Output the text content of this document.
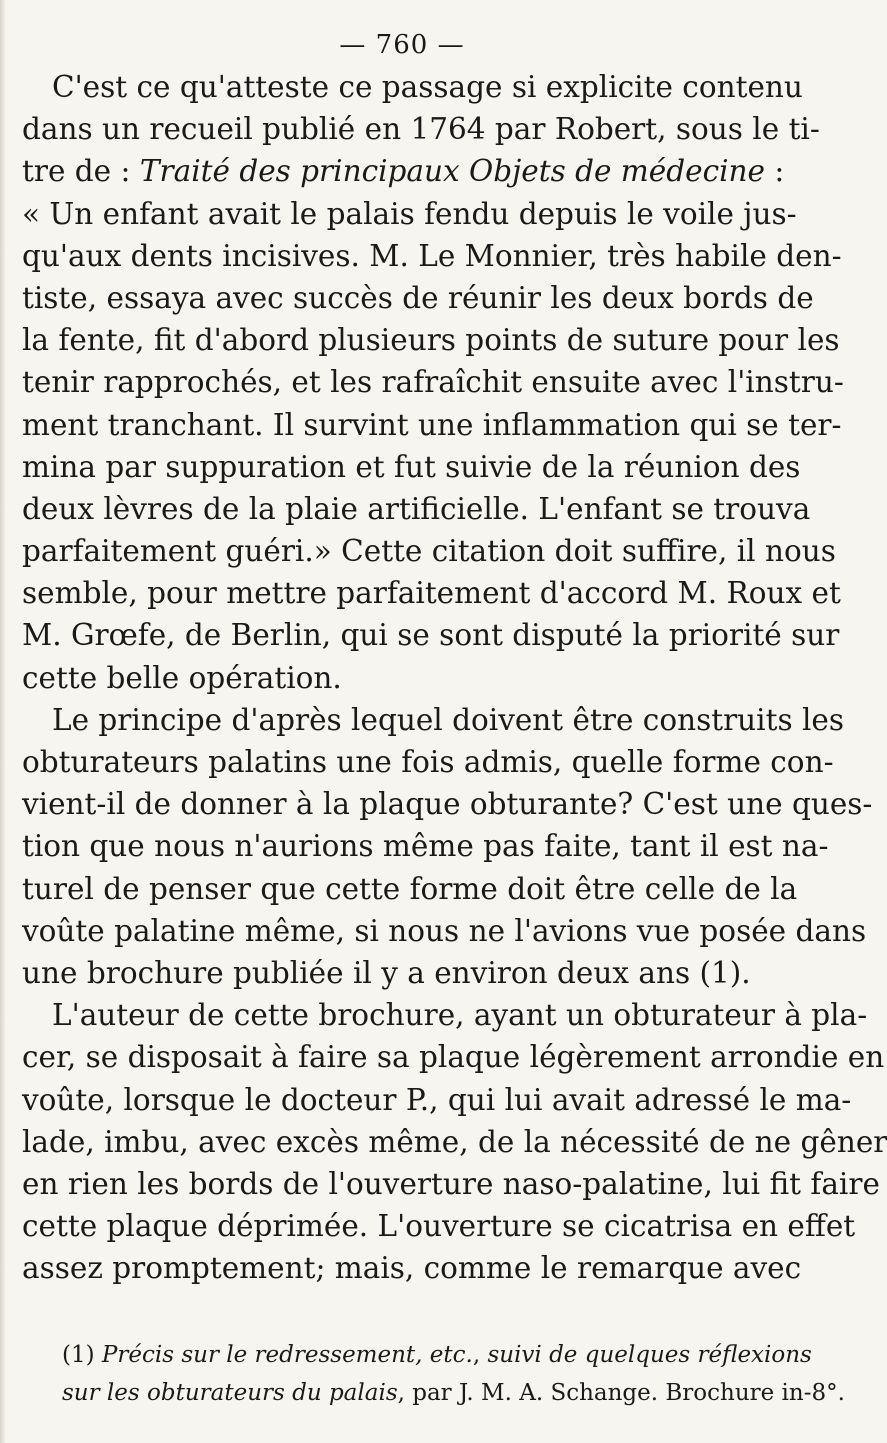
— 760 —
C'est ce qu'atteste ce passage si explicite contenu
dans un recueil publié en 1764 par Robert, sous le ti-
tre de : Traité des principaux Objets de médecine :
« Un enfant avait le palais fendu depuis le voile jus-
qu'aux dents incisives. M. Le Monnier, très habile den-
tiste, essaya avec succès de réunir les deux bords de
la fente, fit d'abord plusieurs points de suture pour les
tenir rapprochés, et les rafraîchit ensuite avec l'instru-
ment tranchant. Il survint une inflammation qui se ter-
mina par suppuration et fut suivie de la réunion des
deux lèvres de la plaie artificielle. L'enfant se trouva
parfaitement guéri.» Cette citation doit suffire, il nous
semble, pour mettre parfaitement d'accord M. Roux et
M. Grœfe, de Berlin, qui se sont disputé la priorité sur
cette belle opération.
Le principe d'après lequel doivent être construits les
obturateurs palatins une fois admis, quelle forme con-
vient-il de donner à la plaque obturante? C'est une ques-
tion que nous n'aurions même pas faite, tant il est na-
turel de penser que cette forme doit être celle de la
voûte palatine même, si nous ne l'avions vue posée dans
une brochure publiée il y a environ deux ans (1).
L'auteur de cette brochure, ayant un obturateur à pla-
cer, se disposait à faire sa plaque légèrement arrondie en
voûte, lorsque le docteur P., qui lui avait adressé le ma-
lade, imbu, avec excès même, de la nécessité de ne gêner
en rien les bords de l'ouverture naso-palatine, lui fit faire
cette plaque déprimée. L'ouverture se cicatrisa en effet
assez promptement; mais, comme le remarque avec
(1) Précis sur le redressement, etc., suivi de quelques réflexions
sur les obturateurs du palais, par J. M. A. Schange. Brochure in-8°.
